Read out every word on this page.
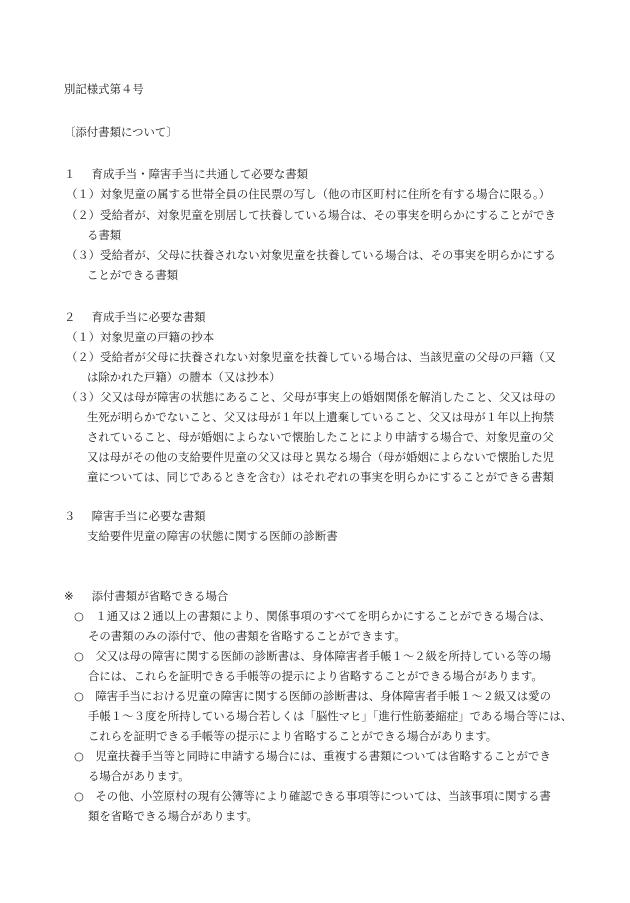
別記様式第４号
〔添付書類について〕
１ 育成手当・障害手当に共通して必要な書類
（１）対象児童の属する世帯全員の住民票の写し（他の市区町村に住所を有する場合に限る。）
（２）受給者が、対象児童を別居して扶養している場合は、その事実を明らかにすることができ
る書類
（３）受給者が、父母に扶養されない対象児童を扶養している場合は、その事実を明らかにする
ことができる書類
２ 育成手当に必要な書類
（１）対象児童の戸籍の抄本
（２）受給者が父母に扶養されない対象児童を扶養している場合は、当該児童の父母の戸籍（又
は除かれた戸籍）の謄本（又は抄本）
（３）父又は母が障害の状態にあること、父母が事実上の婚姻関係を解消したこと、父又は母の
生死が明らかでないこと、父又は母が１年以上遺棄していること、父又は母が１年以上拘禁
されていること、母が婚姻によらないで懐胎したことにより申請する場合で、対象児童の父
又は母がその他の支給要件児童の父又は母と異なる場合（母が婚姻によらないで懐胎した児
童については、同じであるときを含む）はそれぞれの事実を明らかにすることができる書類
３ 障害手当に必要な書類
支給要件児童の障害の状態に関する医師の診断書
※ 添付書類が省略できる場合
○　１通又は２通以上の書類により、関係事項のすべてを明らかにすることができる場合は、
その書類のみの添付で、他の書類を省略することができます。
○　父又は母の障害に関する医師の診断書は、身体障害者手帳１～２級を所持している等の場
合には、これらを証明できる手帳等の提示により省略することができる場合があります。
○　障害手当における児童の障害に関する医師の診断書は、身体障害者手帳１～２級又は愛の
手帳１～３度を所持している場合若しくは「脳性マヒ」「進行性筋萎縮症」である場合等には、
これらを証明できる手帳等の提示により省略することができる場合があります。
○　児童扶養手当等と同時に申請する場合には、重複する書類については省略することができ
る場合があります。
○　その他、小笠原村の現有公簿等により確認できる事項等については、当該事項に関する書
類を省略できる場合があります。
